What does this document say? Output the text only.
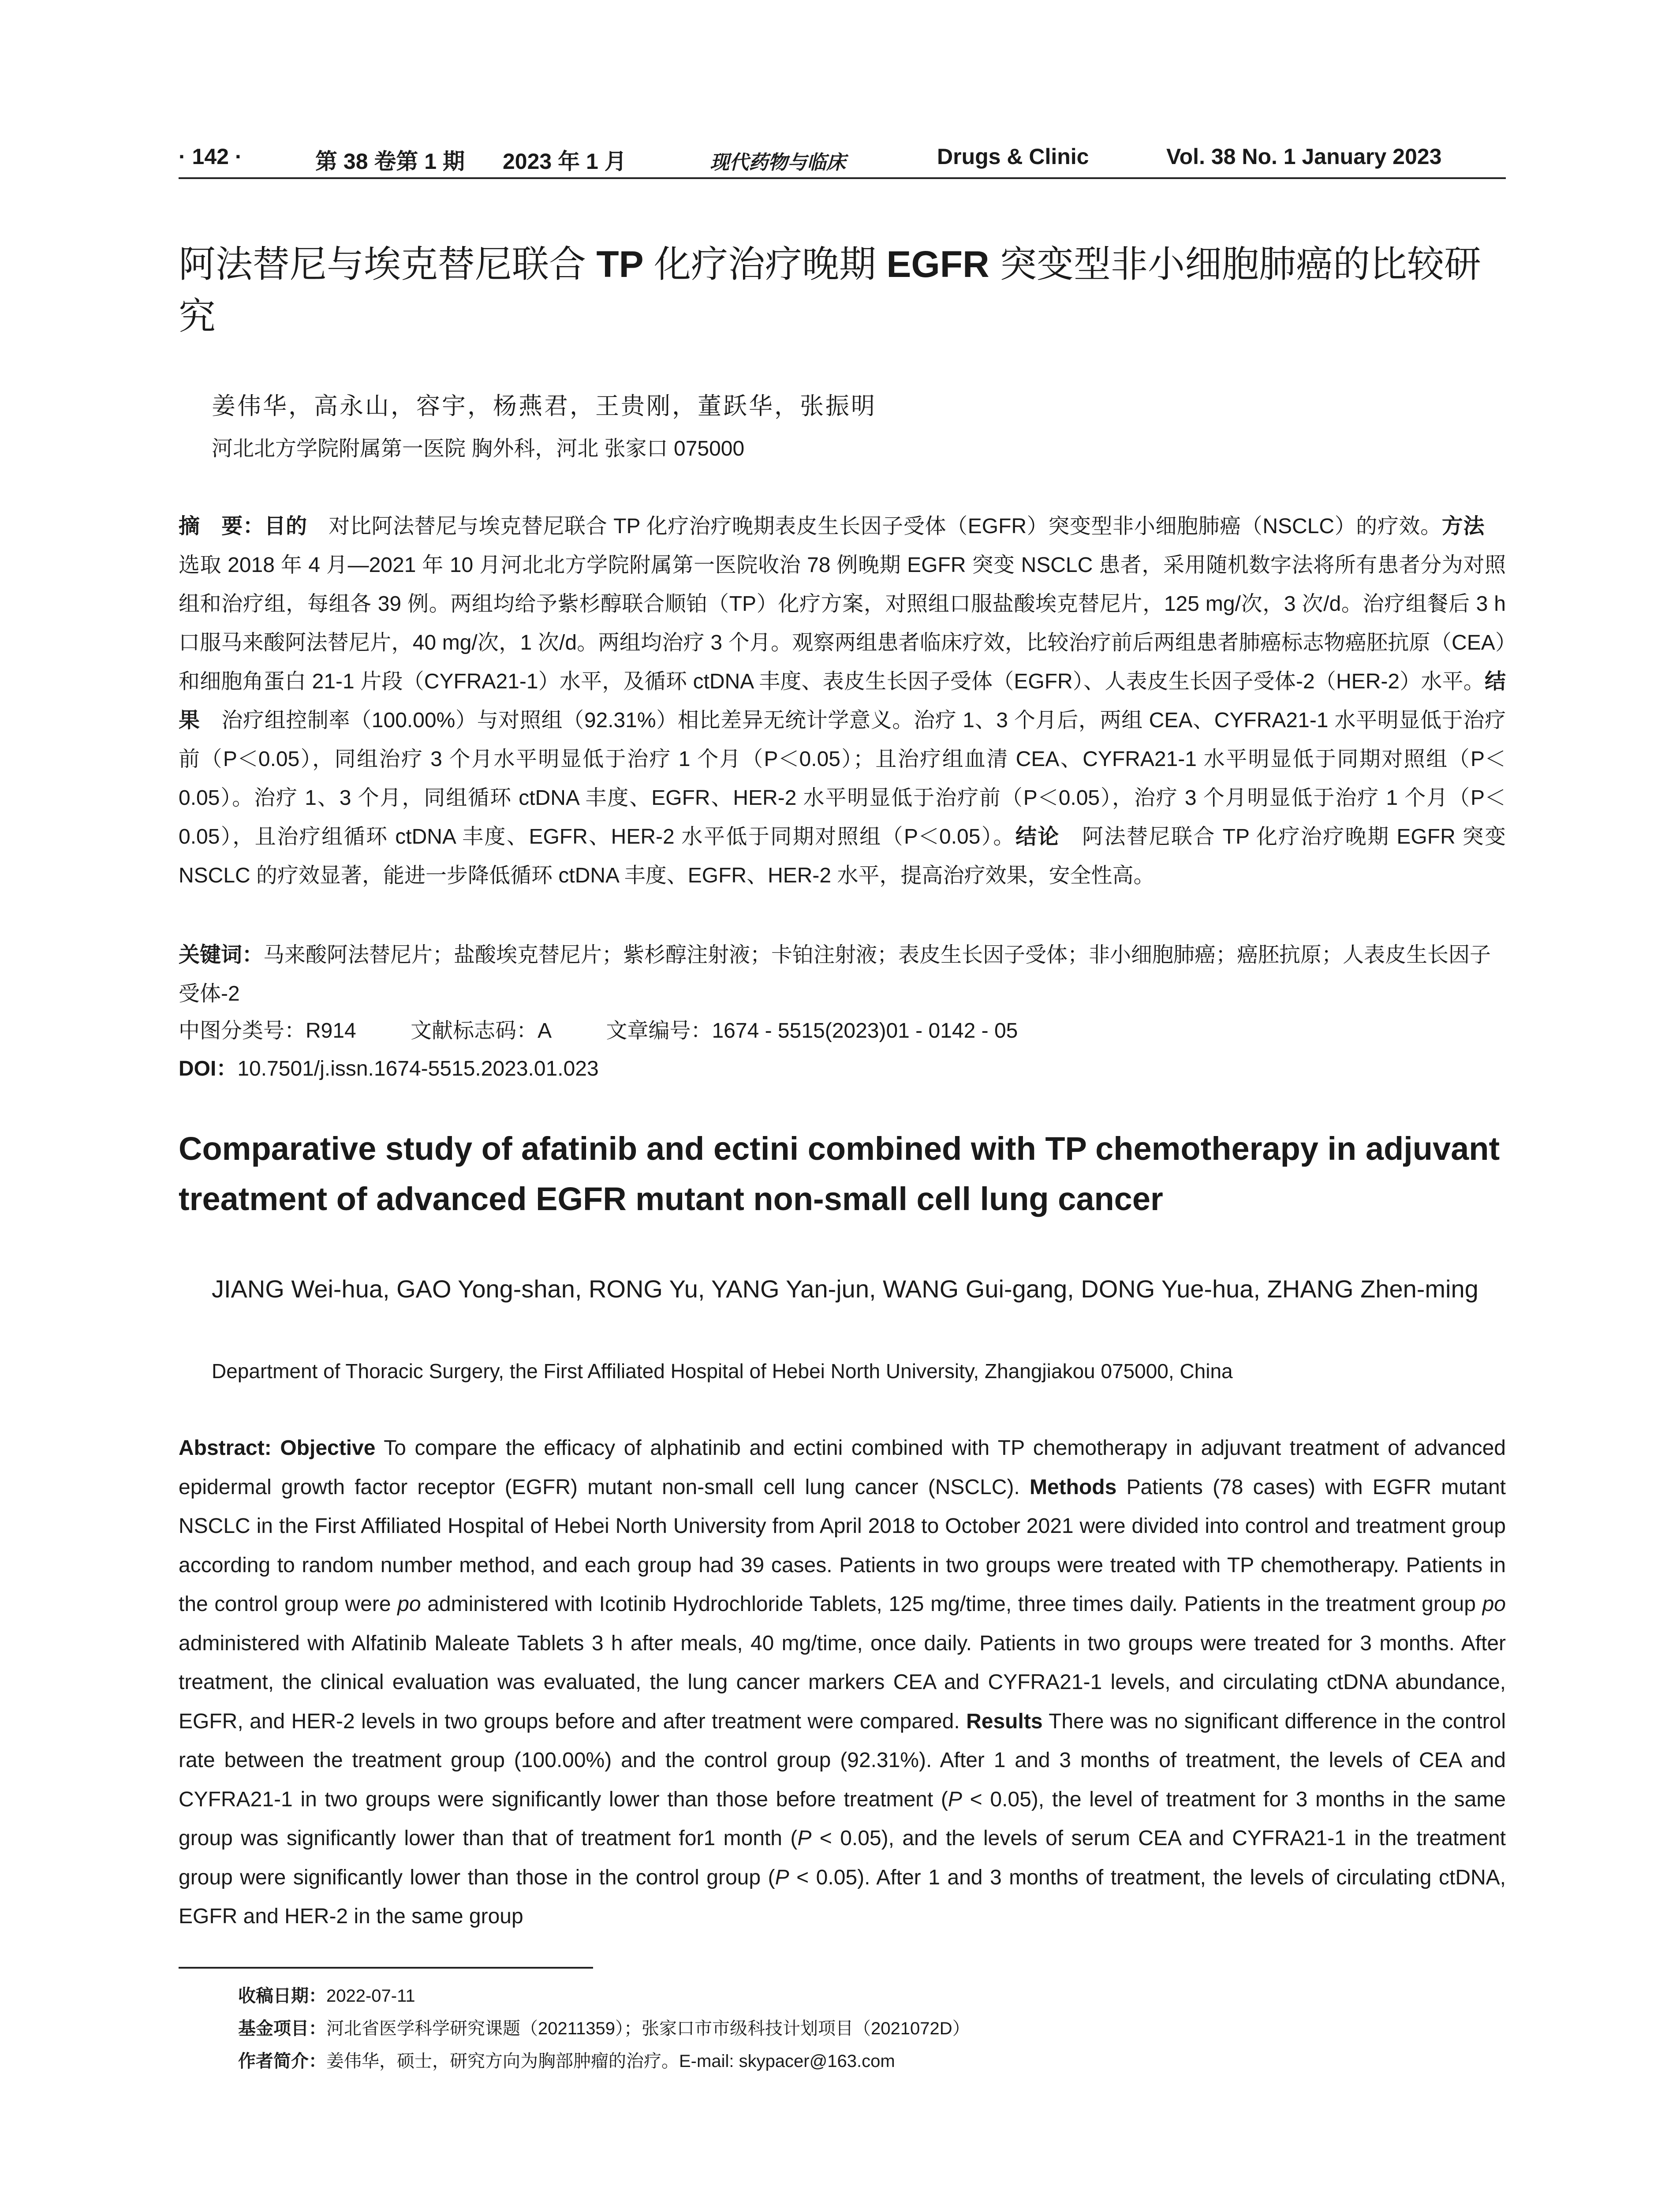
· 142 ·	第 38 卷第 1 期 2023 年 1 月	现代药物与临床	Drugs & Clinic	Vol. 38 No. 1 January 2023
阿法替尼与埃克替尼联合 TP 化疗治疗晚期 EGFR 突变型非小细胞肺癌的比较研究
姜伟华，高永山，容宇，杨燕君，王贵刚，董跃华，张振明
河北北方学院附属第一医院 胸外科，河北 张家口 075000

摘　要：目的　对比阿法替尼与埃克替尼联合 TP 化疗治疗晚期表皮生长因子受体（EGFR）突变型非小细胞肺癌（NSCLC）的疗效。方法　选取 2018 年 4 月—2021 年 10 月河北北方学院附属第一医院收治 78 例晚期 EGFR 突变 NSCLC 患者，采用随机数字法将所有患者分为对照组和治疗组，每组各 39 例。两组均给予紫杉醇联合顺铂（TP）化疗方案，对照组口服盐酸埃克替尼片，125 mg/次，3 次/d。治疗组餐后 3 h 口服马来酸阿法替尼片，40 mg/次，1 次/d。两组均治疗 3 个月。观察两组患者临床疗效，比较治疗前后两组患者肺癌标志物癌胚抗原（CEA）和细胞角蛋白 21-1 片段（CYFRA21-1）水平，及循环 ctDNA 丰度、表皮生长因子受体（EGFR）、人表皮生长因子受体-2（HER-2）水平。结果　治疗组控制率（100.00%）与对照组（92.31%）相比差异无统计学意义。治疗 1、3 个月后，两组 CEA、CYFRA21-1 水平明显低于治疗前（P＜0.05），同组治疗 3 个月水平明显低于治疗 1 个月（P＜0.05）；且治疗组血清 CEA、CYFRA21-1 水平明显低于同期对照组（P＜0.05）。治疗 1、3 个月，同组循环 ctDNA 丰度、EGFR、HER-2 水平明显低于治疗前（P＜0.05），治疗 3 个月明显低于治疗 1 个月（P＜0.05），且治疗组循环 ctDNA 丰度、EGFR、HER-2 水平低于同期对照组（P＜0.05）。结论　阿法替尼联合 TP 化疗治疗晚期 EGFR 突变 NSCLC 的疗效显著，能进一步降低循环 ctDNA 丰度、EGFR、HER-2 水平，提高治疗效果，安全性高。

关键词：马来酸阿法替尼片；盐酸埃克替尼片；紫杉醇注射液；卡铂注射液；表皮生长因子受体；非小细胞肺癌；癌胚抗原；人表皮生长因子受体-2

中图分类号：R914	文献标志码：A	文章编号：1674 - 5515(2023)01 - 0142 - 05
DOI：10.7501/j.issn.1674-5515.2023.01.023
Comparative study of afatinib and ectini combined with TP chemotherapy in adjuvant treatment of advanced EGFR mutant non-small cell lung cancer
JIANG Wei-hua, GAO Yong-shan, RONG Yu, YANG Yan-jun, WANG Gui-gang, DONG Yue-hua, ZHANG Zhen-ming
Department of Thoracic Surgery, the First Affiliated Hospital of Hebei North University, Zhangjiakou 075000, China

Abstract: Objective To compare the efficacy of alphatinib and ectini combined with TP chemotherapy in adjuvant treatment of advanced epidermal growth factor receptor (EGFR) mutant non-small cell lung cancer (NSCLC). Methods Patients (78 cases) with EGFR mutant NSCLC in the First Affiliated Hospital of Hebei North University from April 2018 to October 2021 were divided into control and treatment group according to random number method, and each group had 39 cases. Patients in two groups were treated with TP chemotherapy. Patients in the control group were po administered with Icotinib Hydrochloride Tablets, 125 mg/time, three times daily. Patients in the treatment group po administered with Alfatinib Maleate Tablets 3 h after meals, 40 mg/time, once daily. Patients in two groups were treated for 3 months. After treatment, the clinical evaluation was evaluated, the lung cancer markers CEA and CYFRA21-1 levels, and circulating ctDNA abundance, EGFR, and HER-2 levels in two groups before and after treatment were compared. Results There was no significant difference in the control rate between the treatment group (100.00%) and the control group (92.31%). After 1 and 3 months of treatment, the levels of CEA and CYFRA21-1 in two groups were significantly lower than those before treatment (P < 0.05), the level of treatment for 3 months in the same group was significantly lower than that of treatment for1 month (P < 0.05), and the levels of serum CEA and CYFRA21-1 in the treatment group were significantly lower than those in the control group (P < 0.05). After 1 and 3 months of treatment, the levels of circulating ctDNA, EGFR and HER-2 in the same group

收稿日期：2022-07-11
基金项目：河北省医学科学研究课题（20211359）；张家口市市级科技计划项目（2021072D）
作者简介：姜伟华，硕士，研究方向为胸部肿瘤的治疗。E-mail: skypacer@163.com
